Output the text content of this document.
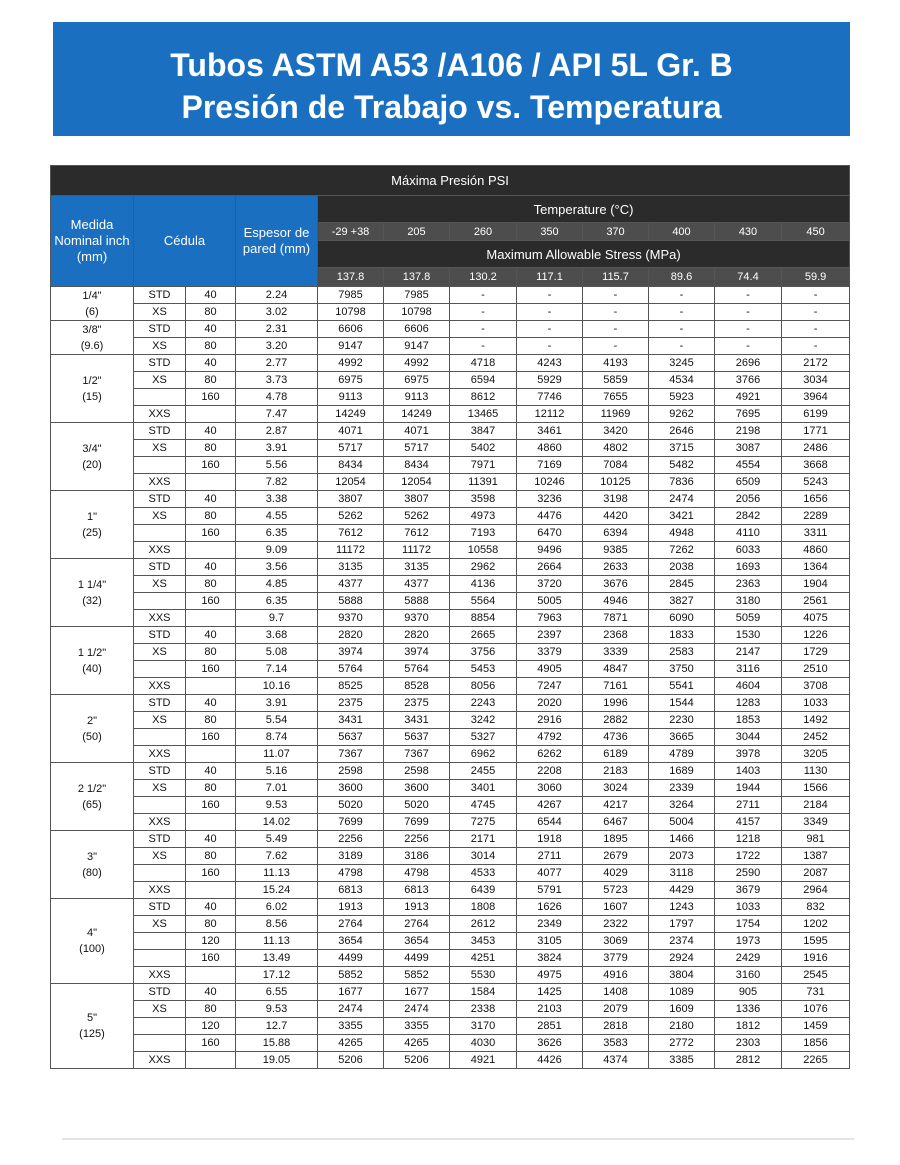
Tubos ASTM A53 /A106 / API 5L Gr. B
Presión de Trabajo vs. Temperatura
Máxima Presión PSI											
Medida Nominal inch (mm)	Cédula		Espesor de pared (mm)	Temperature (°C)							
				-29 +38	205	260	350	370	400	430	450
				Maximum Allowable Stress (MPa)							
				137.8	137.8	130.2	117.1	115.7	89.6	74.4	59.9

1/4"
(6)	STD	40	2.24	7985	7985	-	-	-	-	-	-
	XS	80	3.02	10798	10798	-	-	-	-	-	-

3/8"
(9.6)	STD	40	2.31	6606	6606	-	-	-	-	-	-
	XS	80	3.20	9147	9147	-	-	-	-	-	-

1/2"
(15)	STD	40	2.77	4992	4992	4718	4243	4193	3245	2696	2172
	XS	80	3.73	6975	6975	6594	5929	5859	4534	3766	3034
		160	4.78	9113	9113	8612	7746	7655	5923	4921	3964
	XXS		7.47	14249	14249	13465	12112	11969	9262	7695	6199

3/4"
(20)	STD	40	2.87	4071	4071	3847	3461	3420	2646	2198	1771
	XS	80	3.91	5717	5717	5402	4860	4802	3715	3087	2486
		160	5.56	8434	8434	7971	7169	7084	5482	4554	3668
	XXS		7.82	12054	12054	11391	10246	10125	7836	6509	5243

1"
(25)	STD	40	3.38	3807	3807	3598	3236	3198	2474	2056	1656
	XS	80	4.55	5262	5262	4973	4476	4420	3421	2842	2289
		160	6.35	7612	7612	7193	6470	6394	4948	4110	3311
	XXS		9.09	11172	11172	10558	9496	9385	7262	6033	4860

1 1/4"
(32)	STD	40	3.56	3135	3135	2962	2664	2633	2038	1693	1364
	XS	80	4.85	4377	4377	4136	3720	3676	2845	2363	1904
		160	6.35	5888	5888	5564	5005	4946	3827	3180	2561
	XXS		9.7	9370	9370	8854	7963	7871	6090	5059	4075

1 1/2"
(40)	STD	40	3.68	2820	2820	2665	2397	2368	1833	1530	1226
	XS	80	5.08	3974	3974	3756	3379	3339	2583	2147	1729
		160	7.14	5764	5764	5453	4905	4847	3750	3116	2510
	XXS		10.16	8525	8528	8056	7247	7161	5541	4604	3708

2"
(50)	STD	40	3.91	2375	2375	2243	2020	1996	1544	1283	1033
	XS	80	5.54	3431	3431	3242	2916	2882	2230	1853	1492
		160	8.74	5637	5637	5327	4792	4736	3665	3044	2452
	XXS		11.07	7367	7367	6962	6262	6189	4789	3978	3205

2 1/2"
(65)	STD	40	5.16	2598	2598	2455	2208	2183	1689	1403	1130
	XS	80	7.01	3600	3600	3401	3060	3024	2339	1944	1566
		160	9.53	5020	5020	4745	4267	4217	3264	2711	2184
	XXS		14.02	7699	7699	7275	6544	6467	5004	4157	3349

3"
(80)	STD	40	5.49	2256	2256	2171	1918	1895	1466	1218	981
	XS	80	7.62	3189	3186	3014	2711	2679	2073	1722	1387
		160	11.13	4798	4798	4533	4077	4029	3118	2590	2087
	XXS		15.24	6813	6813	6439	5791	5723	4429	3679	2964

4"
(100)	STD	40	6.02	1913	1913	1808	1626	1607	1243	1033	832
	XS	80	8.56	2764	2764	2612	2349	2322	1797	1754	1202
		120	11.13	3654	3654	3453	3105	3069	2374	1973	1595
		160	13.49	4499	4499	4251	3824	3779	2924	2429	1916
	XXS		17.12	5852	5852	5530	4975	4916	3804	3160	2545

5"
(125)	STD	40	6.55	1677	1677	1584	1425	1408	1089	905	731
	XS	80	9.53	2474	2474	2338	2103	2079	1609	1336	1076
		120	12.7	3355	3355	3170	2851	2818	2180	1812	1459
		160	15.88	4265	4265	4030	3626	3583	2772	2303	1856
	XXS		19.05	5206	5206	4921	4426	4374	3385	2812	2265
